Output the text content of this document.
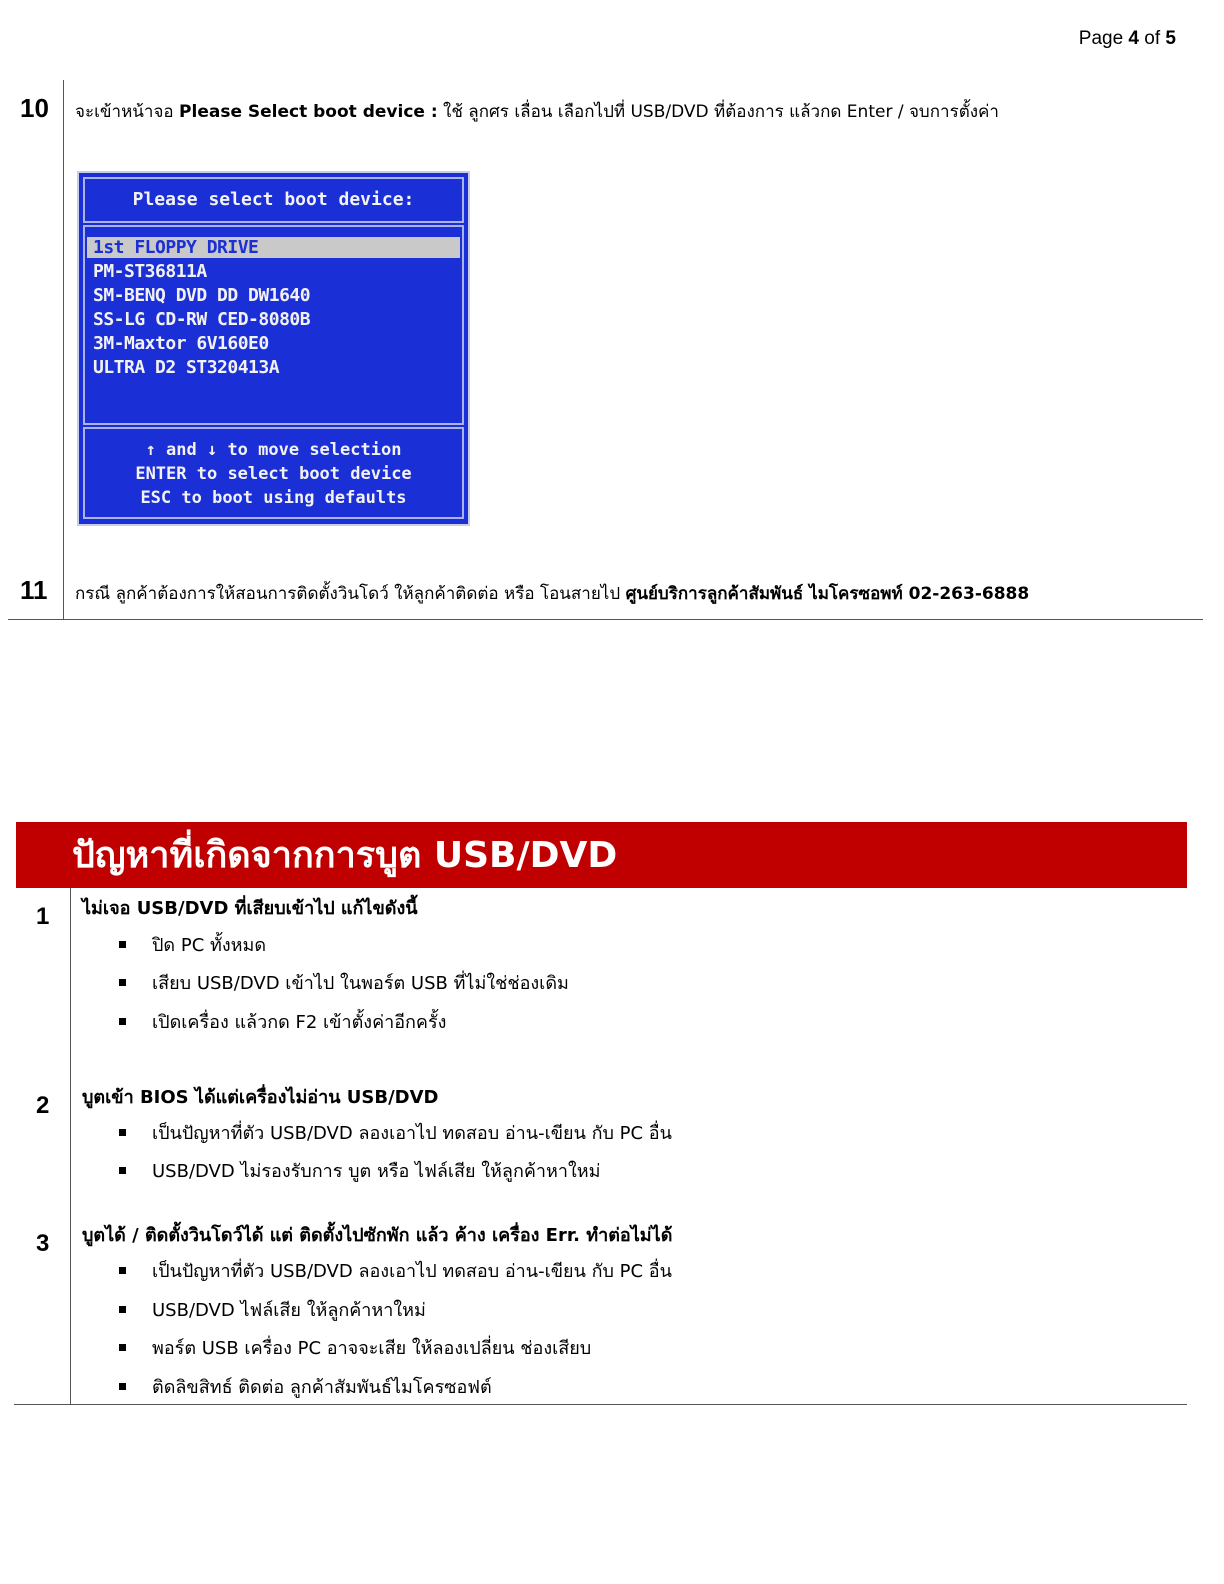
Page 4 of 5
10 จะเข้าหน้าจอ Please Select boot device : ใช้ ลูกศร เลื่อน เลือกไปที่ USB/DVD ที่ต้องการ แล้วกด Enter / จบการตั้งค่า
Please select boot device:
1st FLOPPY DRIVE
PM-ST36811A
SM-BENQ DVD DD DW1640
SS-LG CD-RW CED-8080B
3M-Maxtor 6V160E0
ULTRA D2 ST320413A
↑ and ↓ to move selection
ENTER to select boot device
ESC to boot using defaults
11 กรณี ลูกค้าต้องการให้สอนการติดตั้งวินโดว์ ให้ลูกค้าติดต่อ หรือ โอนสายไป ศูนย์บริการลูกค้าสัมพันธ์ ไมโครซอพท์ 02-263-6888
ปัญหาที่เกิดจากการบูต USB/DVD
1 ไม่เจอ USB/DVD ที่เสียบเข้าไป แก้ไขดังนี้
ปิด PC ทั้งหมด
เสียบ USB/DVD เข้าไป ในพอร์ต USB ที่ไม่ใช่ช่องเดิม
เปิดเครื่อง แล้วกด F2 เข้าตั้งค่าอีกครั้ง
2 บูตเข้า BIOS ได้แต่เครื่องไม่อ่าน USB/DVD
เป็นปัญหาที่ตัว USB/DVD ลองเอาไป ทดสอบ อ่าน-เขียน กับ PC อื่น
USB/DVD ไม่รองรับการ บูต หรือ ไฟล์เสีย ให้ลูกค้าหาใหม่
3 บูตได้ / ติดตั้งวินโดว์ได้ แต่ ติดตั้งไปซักพัก แล้ว ค้าง เครื่อง Err. ทำต่อไม่ได้
เป็นปัญหาที่ตัว USB/DVD ลองเอาไป ทดสอบ อ่าน-เขียน กับ PC อื่น
USB/DVD ไฟล์เสีย ให้ลูกค้าหาใหม่
พอร์ต USB เครื่อง PC อาจจะเสีย ให้ลองเปลี่ยน ช่องเสียบ
ติดลิขสิทธ์ ติดต่อ ลูกค้าสัมพันธ์ไมโครซอฟต์
